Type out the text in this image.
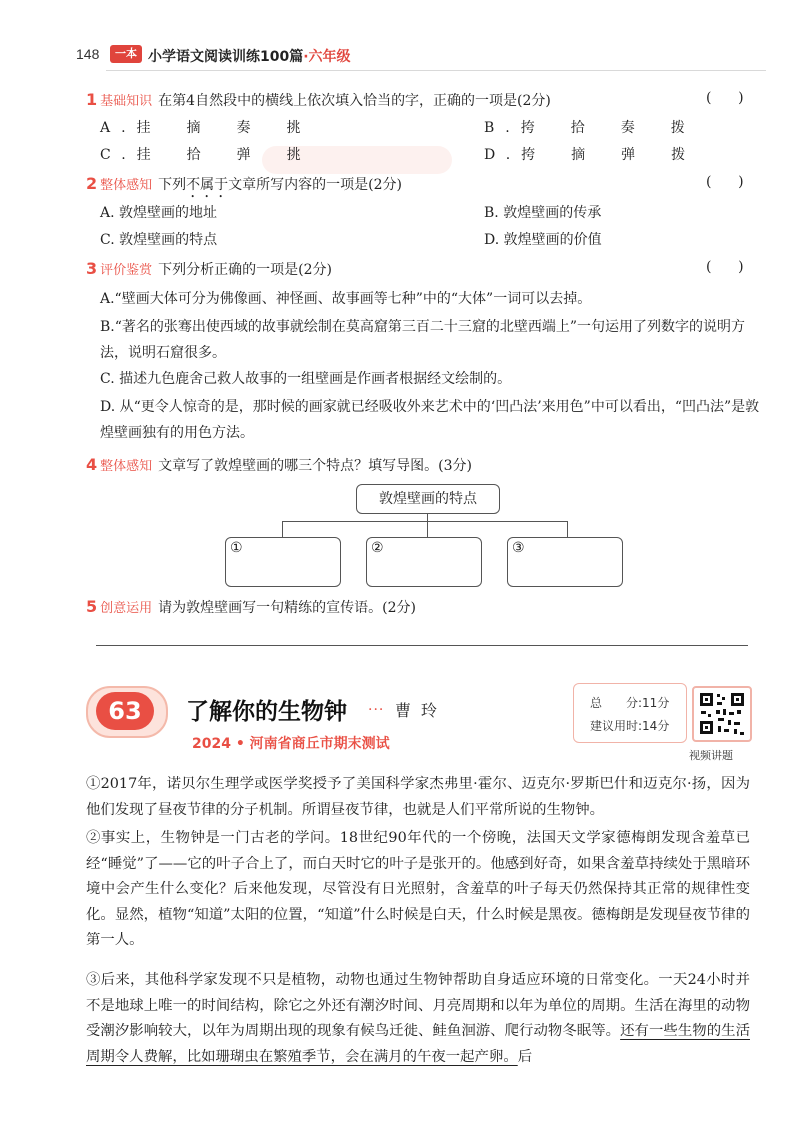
148	一本 小学语文阅读训练100篇·六年级
1 基础知识 在第4自然段中的横线上依次填入恰当的字，正确的一项是(2分)	(      )
A.挂　摘　奏　挑	B.挎　拾　奏　拨
C.挂　拾　弹　挑	D.挎　摘　弹　拨
2 整体感知 下列不属于文章所写内容的一项是(2分)	(      )
A. 敦煌壁画的地址	B. 敦煌壁画的传承
C. 敦煌壁画的特点	D. 敦煌壁画的价值
3 评价鉴赏 下列分析正确的一项是(2分)	(      )
A.“壁画大体可分为佛像画、神怪画、故事画等七种”中的“大体”一词可以去掉。
B.“著名的张骞出使西域的故事就绘制在莫高窟第三百二十三窟的北壁西端上”一句运用了列数字的说明方法，说明石窟很多。
C. 描述九色鹿舍己救人故事的一组壁画是作画者根据经文绘制的。
D. 从“更令人惊奇的是，那时候的画家就已经吸收外来艺术中的‘凹凸法’来用色”中可以看出，“凹凸法”是敦煌壁画独有的用色方法。
4 整体感知 文章写了敦煌壁画的哪三个特点？填写导图。(3分)
敦煌壁画的特点
①	②	③
5 创意运用 请为敦煌壁画写一句精练的宣传语。(2分)
63	了解你的生物钟 ··· 曹玲
2024 • 河南省商丘市期末测试
总　　分:11分
建议用时:14分
视频讲题
①2017年，诺贝尔生理学或医学奖授予了美国科学家杰弗里·霍尔、迈克尔·罗斯巴什和迈克尔·扬，因为他们发现了昼夜节律的分子机制。所谓昼夜节律，也就是人们平常所说的生物钟。
②事实上，生物钟是一门古老的学问。18世纪90年代的一个傍晚，法国天文学家德梅朗发现含羞草已经“睡觉”了——它的叶子合上了，而白天时它的叶子是张开的。他感到好奇，如果含羞草持续处于黑暗环境中会产生什么变化？后来他发现，尽管没有日光照射，含羞草的叶子每天仍然保持其正常的规律性变化。显然，植物“知道”太阳的位置，“知道”什么时候是白天，什么时候是黑夜。德梅朗是发现昼夜节律的第一人。
③后来，其他科学家发现不只是植物，动物也通过生物钟帮助自身适应环境的日常变化。一天24小时并不是地球上唯一的时间结构，除它之外还有潮汐时间、月亮周期和以年为单位的周期。生活在海里的动物受潮汐影响较大，以年为周期出现的现象有候鸟迁徙、鲑鱼洄游、爬行动物冬眠等。还有一些生物的生活周期令人费解，比如珊瑚虫在繁殖季节，会在满月的午夜一起产卵。后
